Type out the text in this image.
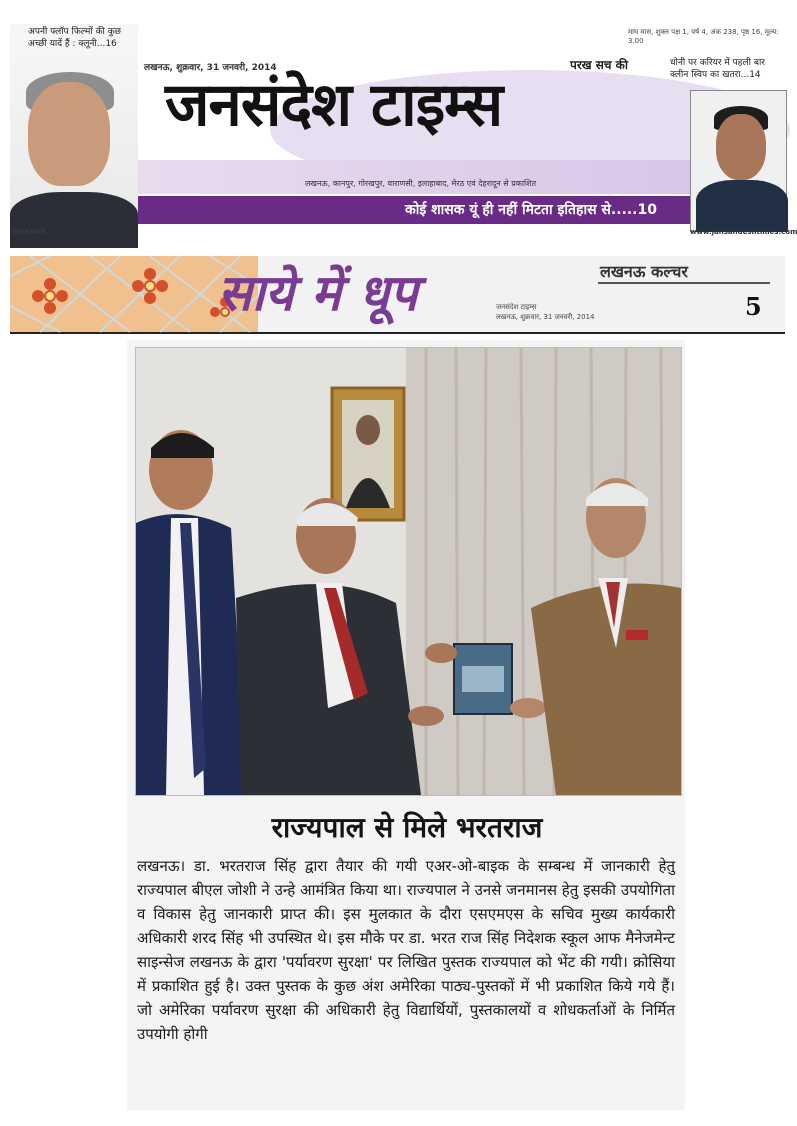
अपनी फ्लॉप फिल्मों की कुछ अच्छी यादें हैं : क्लूनी...16
धोनी पर करियर में पहली बार क्लीन स्विप का खतरा...14
माघ मास, शुक्ल पक्ष 1, वर्ष 4, अंक 238, पृष्ठ 16, मूल्य: 3.00
लखनऊ, शुक्रवार, 31 जनवरी, 2014	परख सच की
जनसंदेश टाइम्स
लखनऊ, कानपुर, गोरखपुर, वाराणसी, इलाहाबाद, मेरठ एवं देहरादून से प्रकाशित
कोई शासक यूं ही नहीं मिटता इतिहास से.....10
नगर संस्करण	www.jansandeshtimes.com
साये में धूप	लखनऊ कल्चर
जनसंदेश टाइम्स
लखनऊ, शुक्रवार, 31 जनवरी, 2014	5
राज्यपाल से मिले भरतराज
लखनऊ। डा. भरतराज सिंह द्वारा तैयार की गयी एअर-ओ-बाइक के सम्बन्ध में जानकारी हेतु राज्यपाल बीएल जोशी ने उन्हे आमंत्रित किया था। राज्यपाल ने उनसे जनमानस हेतु इसकी उपयोगिता व विकास हेतु जानकारी प्राप्त की। इस मुलकात के दौरा एसएमएस के सचिव मुख्य कार्यकारी अधिकारी शरद सिंह भी उपस्थित थे। इस मौके पर डा. भरत राज सिंह निदेशक स्कूल आफ मैनेजमेन्ट साइन्सेज लखनऊ के द्वारा 'पर्यावरण सुरक्षा' पर लिखित पुस्तक राज्यपाल को भेंट की गयी। क्रोसिया में प्रकाशित हुई है। उक्त पुस्तक के कुछ अंश अमेरिका पाठ्य-पुस्तकों में भी प्रकाशित किये गये हैं। जो अमेरिका पर्यावरण सुरक्षा की अधिकारी हेतु विद्यार्थियों, पुस्तकालयों व शोधकर्ताओं के निर्मित उपयोगी होगी
